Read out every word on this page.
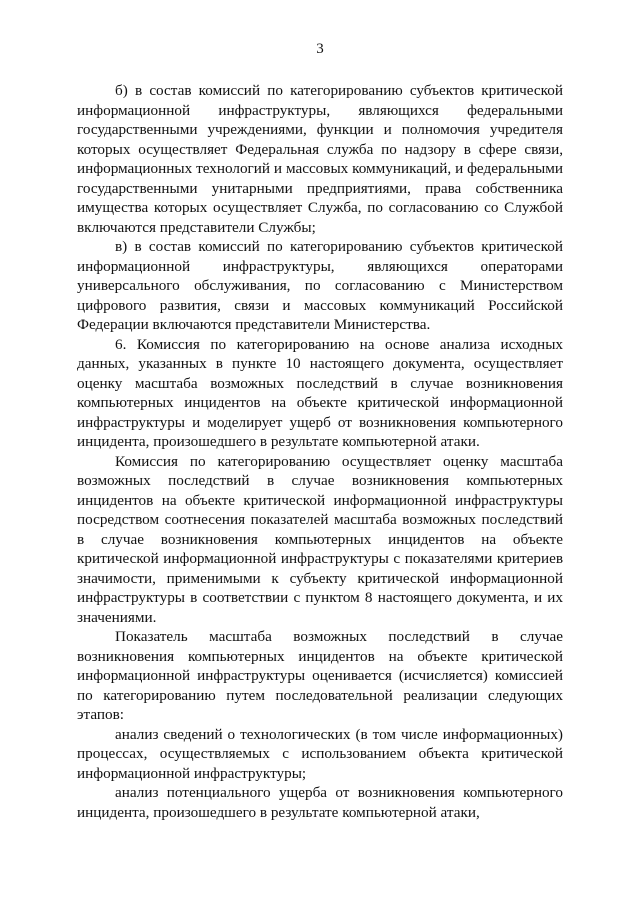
3

б) в состав комиссий по категорированию субъектов критической информационной инфраструктуры, являющихся федеральными государственными учреждениями, функции и полномочия учредителя которых осуществляет Федеральная служба по надзору в сфере связи, информационных технологий и массовых коммуникаций, и федеральными государственными унитарными предприятиями, права собственника имущества которых осуществляет Служба, по согласованию со Службой включаются представители Службы;

в) в состав комиссий по категорированию субъектов критической информационной инфраструктуры, являющихся операторами универсального обслуживания, по согласованию с Министерством цифрового развития, связи и массовых коммуникаций Российской Федерации включаются представители Министерства.

6. Комиссия по категорированию на основе анализа исходных данных, указанных в пункте 10 настоящего документа, осуществляет оценку масштаба возможных последствий в случае возникновения компьютерных инцидентов на объекте критической информационной инфраструктуры и моделирует ущерб от возникновения компьютерного инцидента, произошедшего в результате компьютерной атаки.

Комиссия по категорированию осуществляет оценку масштаба возможных последствий в случае возникновения компьютерных инцидентов на объекте критической информационной инфраструктуры посредством соотнесения показателей масштаба возможных последствий в случае возникновения компьютерных инцидентов на объекте критической информационной инфраструктуры с показателями критериев значимости, применимыми к субъекту критической информационной инфраструктуры в соответствии с пунктом 8 настоящего документа, и их значениями.

Показатель масштаба возможных последствий в случае возникновения компьютерных инцидентов на объекте критической информационной инфраструктуры оценивается (исчисляется) комиссией по категорированию путем последовательной реализации следующих этапов:

анализ сведений о технологических (в том числе информационных) процессах, осуществляемых с использованием объекта критической информационной инфраструктуры;

анализ потенциального ущерба от возникновения компьютерного инцидента, произошедшего в результате компьютерной атаки,
